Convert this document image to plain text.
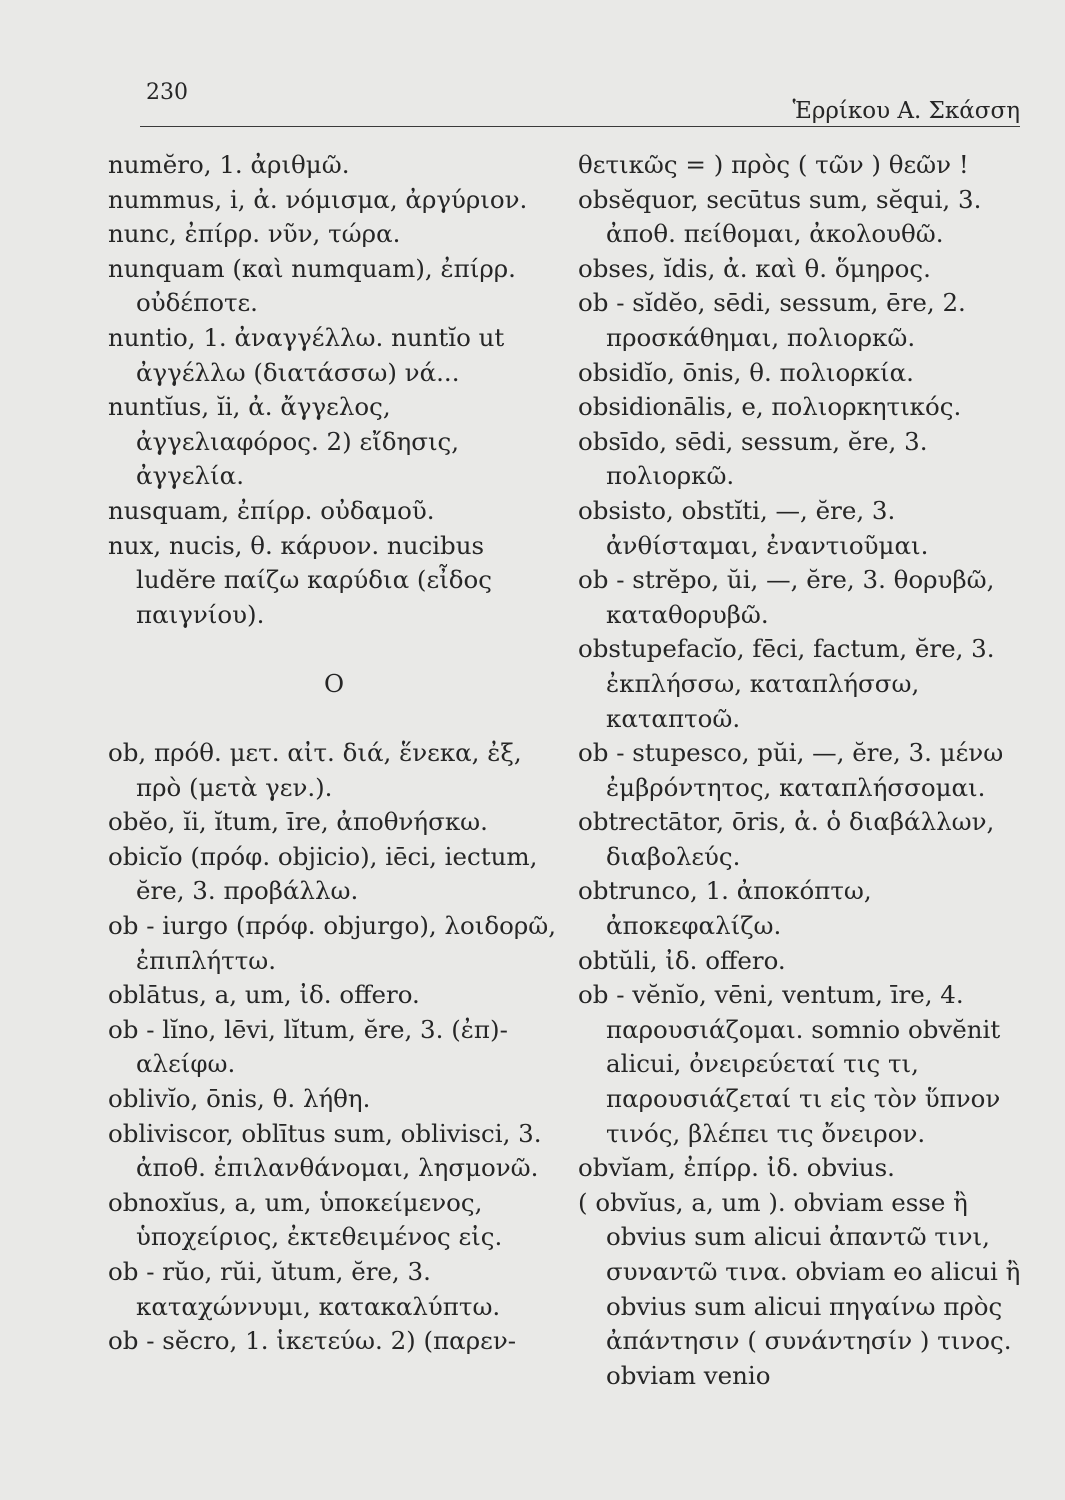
230
Ἑρρίκου Α. Σκάσση
numĕro, 1. ἀριθμῶ.
nummus, i, ἀ. νόμισμα, ἀργύριον.
nunc, ἐπίρρ. νῦν, τώρα.
nunquam (καὶ numquam), ἐπίρρ. οὐδέποτε.
nuntio, 1. ἀναγγέλλω. nuntĭo ut ἀγγέλλω (διατάσσω) νά...
nuntĭus, ĭi, ἀ. ἄγγελος, ἀγγελιαφόρος. 2) εἴδησις, ἀγγελία.
nusquam, ἐπίρρ. οὐδαμοῦ.
nux, nucis, θ. κάρυον. nucibus ludĕre παίζω καρύδια (εἶδος παιγνίου).
O
ob, πρόθ. μετ. αἰτ. διά, ἕνεκα, ἐξ, πρὸ (μετὰ γεν.).
obĕo, ĭi, ĭtum, īre, ἀποθνήσκω.
obicĭo (πρόφ. objicio), iēci, iectum, ĕre, 3. προβάλλω.
ob - iurgo (πρόφ. objurgo), λοιδορῶ, ἐπιπλήττω.
oblātus, a, um, ἰδ. offero.
ob - lĭno, lēvi, lĭtum, ĕre, 3. (ἐπ)-αλείφω.
oblivĭo, ōnis, θ. λήθη.
obliviscor, oblītus sum, oblivisci, 3. ἀποθ. ἐπιλανθάνομαι, λησμονῶ.
obnoxĭus, a, um, ὑποκείμενος, ὑποχείριος, ἐκτεθειμένος εἰς.
ob - rŭo, rŭi, ŭtum, ĕre, 3. καταχώννυμι, κατακαλύπτω.
ob - sĕcro, 1. ἱκετεύω. 2) (παρεν-
θετικῶς = ) πρὸς ( τῶν ) θεῶν !
obsĕquor, secūtus sum, sĕqui, 3. ἀποθ. πείθομαι, ἀκολουθῶ.
obses, ĭdis, ἀ. καὶ θ. ὅμηρος.
ob - sĭdĕo, sēdi, sessum, ēre, 2. προσκάθημαι, πολιορκῶ.
obsidĭo, ōnis, θ. πολιορκία.
obsidionālis, e, πολιορκητικός.
obsīdo, sēdi, sessum, ĕre, 3. πολιορκῶ.
obsisto, obstĭti, —, ĕre, 3. ἀνθίσταμαι, ἐναντιοῦμαι.
ob - strĕpo, ŭi, —, ĕre, 3. θορυβῶ, καταθορυβῶ.
obstupefacĭo, fēci, factum, ĕre, 3. ἐκπλήσσω, καταπλήσσω, καταπτοῶ.
ob - stupesco, pŭi, —, ĕre, 3. μένω ἐμβρόντητος, καταπλήσσομαι.
obtrectātor, ōris, ἀ. ὁ διαβάλλων, διαβολεύς.
obtrunco, 1. ἀποκόπτω, ἀποκεφαλίζω.
obtŭli, ἰδ. offero.
ob - vĕnĭo, vēni, ventum, īre, 4. παρουσιάζομαι. somnio obvĕnit alicui, ὀνειρεύεταί τις τι, παρουσιάζεταί τι εἰς τὸν ὕπνον τινός, βλέπει τις ὄνειρον.
obvĭam, ἐπίρρ. ἰδ. obvius.
( obvĭus, a, um ). obviam esse ἢ obvius sum alicui ἀπαντῶ τινι, συναντῶ τινα. obviam eo alicui ἢ obvius sum alicui πηγαίνω πρὸς ἀπάντησιν ( συνάντησίν ) τινος. obviam venio
